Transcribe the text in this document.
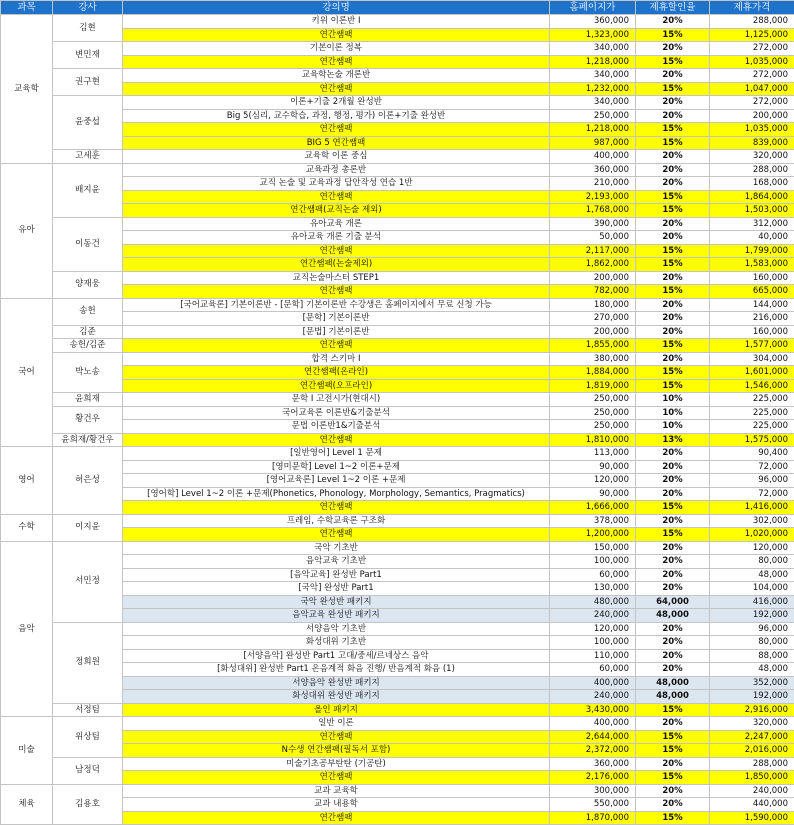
과목	강사	강의명	홈페이지가	제휴할인율	제휴가격
교육학	김현	키위 이론반 I	360,000	20%	288,000
		연간쌤팩	1,323,000	15%	1,125,000
	변민재	기본이론 정복	340,000	20%	272,000
		연간쌤팩	1,218,000	15%	1,035,000
	권구현	교육학논술 개론반	340,000	20%	272,000
		연간쌤팩	1,232,000	15%	1,047,000
	윤중섭	이론+기출 2개월 완성반	340,000	20%	272,000
		Big 5(심리, 교수학습, 과정, 행정, 평가) 이론+기출 완성반	250,000	20%	200,000
		연간쌤팩	1,218,000	15%	1,035,000
		BIG 5 연간쌤팩	987,000	15%	839,000
	고세훈	교육학 이론 중심	400,000	20%	320,000
유아	배지윤	교육과정 총론반	360,000	20%	288,000
		교직 논술 및 교육과정 답안작성 연습 1반	210,000	20%	168,000
		연간쌤팩	2,193,000	15%	1,864,000
		연간쌤팩(교직논술 제외)	1,768,000	15%	1,503,000
	이동건	유아교육 개론	390,000	20%	312,000
		유아교육 개론 기출 분석	50,000	20%	40,000
		연간쌤팩	2,117,000	15%	1,799,000
		연간쌤팩(논술제외)	1,862,000	15%	1,583,000
	양재웅	교직논술마스터 STEP1	200,000	20%	160,000
		연간쌤팩	782,000	15%	665,000
국어	송헌	[국어교육론] 기본이론반 - [문학] 기본이론반 수강생은 홈페이지에서 무료 신청 가능	180,000	20%	144,000
		[문학] 기본이론반	270,000	20%	216,000
	김준	[문법] 기본이론반	200,000	20%	160,000
	송헌/김준	연간쌤팩	1,855,000	15%	1,577,000
	박노송	합격 스키마 I	380,000	20%	304,000
		연간쌤팩(온라인)	1,884,000	15%	1,601,000
		연간쌤팩(오프라인)	1,819,000	15%	1,546,000
	윤희재	문학 I 고전시가(현대시)	250,000	10%	225,000
	황건우	국어교육론 이론반&기출분석	250,000	10%	225,000
		문법 이론반1&기출분석	250,000	10%	225,000
	윤희재/황건우	연간쌤팩	1,810,000	13%	1,575,000
영어	허은성	[일반영어] Level 1 문제	113,000	20%	90,400
		[영미문학] Level 1~2 이론+문제	90,000	20%	72,000
		[영어교육론] Level 1~2 이론 +문제	120,000	20%	96,000
		[영어학] Level 1~2 이론 +문제(Phonetics, Phonology, Morphology, Semantics, Pragmatics)	90,000	20%	72,000
		연간쌤팩	1,666,000	15%	1,416,000
수학	이지윤	프레임, 수학교육론 구조화	378,000	20%	302,000
		연간쌤팩	1,200,000	15%	1,020,000
음악	서민정	국악 기초반	150,000	20%	120,000
		음악교육 기초반	100,000	20%	80,000
		[음악교육] 완성반 Part1	60,000	20%	48,000
		[국악] 완성반 Part1	130,000	20%	104,000
		국악 완성반 패키지	480,000	64,000	416,000
		음악교육 완성반 패키지	240,000	48,000	192,000
	정희원	서양음악 기초반	120,000	20%	96,000
		화성대위 기초반	100,000	20%	80,000
		[서양음악] 완성반 Part1 고대/중세/르네상스 음악	110,000	20%	88,000
		[화성대위] 완성반 Part1 온음계적 화음 진행/ 반음계적 화음 (1)	60,000	20%	48,000
		서양음악 완성반 패키지	400,000	48,000	352,000
		화성대위 완성반 패키지	240,000	48,000	192,000
	서정팀	올인 패키지	3,430,000	15%	2,916,000
미술	위상팀	일반 이론	400,000	20%	320,000
		연간쌤팩	2,644,000	15%	2,247,000
		N수생 연간쌤팩(필독서 포함)	2,372,000	15%	2,016,000
	남정덕	미술기초공부탄탄 (기공탄)	360,000	20%	288,000
		연간쌤팩	2,176,000	15%	1,850,000
체육	김용호	교과 교육학	300,000	20%	240,000
		교과 내용학	550,000	20%	440,000
		연간쌤팩	1,870,000	15%	1,590,000
